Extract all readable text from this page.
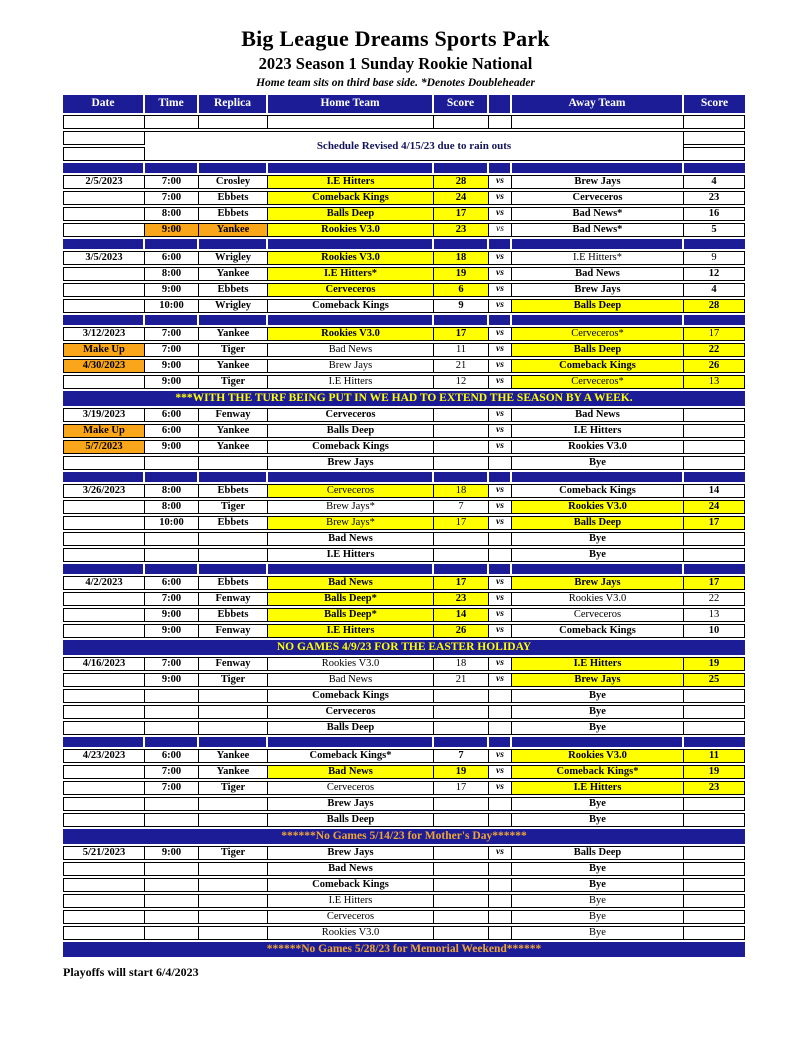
Big League Dreams Sports Park
2023 Season 1 Sunday Rookie National
Home team sits on third base side. *Denotes Doubleheader
Date	Time	Replica	Home Team	Score		Away Team	Score

	Schedule Revised 4/15/23 due to rain outs						

2/5/2023	7:00	Crosley	I.E Hitters	28	vs	Brew Jays	4
	7:00	Ebbets	Comeback Kings	24	vs	Cerveceros	23
	8:00	Ebbets	Balls Deep	17	vs	Bad News*	16
	9:00	Yankee	Rookies V3.0	23	vs	Bad News*	5

3/5/2023	6:00	Wrigley	Rookies V3.0	18	vs	I.E Hitters*	9
	8:00	Yankee	I.E Hitters*	19	vs	Bad News	12
	9:00	Ebbets	Cerveceros	6	vs	Brew Jays	4
	10:00	Wrigley	Comeback Kings	9	vs	Balls Deep	28

3/12/2023	7:00	Yankee	Rookies V3.0	17	vs	Cerveceros*	17
Make Up	7:00	Tiger	Bad News	11	vs	Balls Deep	22
4/30/2023	9:00	Yankee	Brew Jays	21	vs	Comeback Kings	26
	9:00	Tiger	I.E Hitters	12	vs	Cerveceros*	13
***WITH THE TURF BEING PUT IN WE HAD TO EXTEND THE SEASON BY A WEEK.							
3/19/2023	6:00	Fenway	Cerveceros		vs	Bad News	
Make Up	6:00	Yankee	Balls Deep		vs	I.E Hitters	
5/7/2023	9:00	Yankee	Comeback Kings		vs	Rookies V3.0	
			Brew Jays			Bye	

3/26/2023	8:00	Ebbets	Cerveceros	18	vs	Comeback Kings	14
	8:00	Tiger	Brew Jays*	7	vs	Rookies V3.0	24
	10:00	Ebbets	Brew Jays*	17	vs	Balls Deep	17
			Bad News			Bye	
			I.E Hitters			Bye	

4/2/2023	6:00	Ebbets	Bad News	17	vs	Brew Jays	17
	7:00	Fenway	Balls Deep*	23	vs	Rookies V3.0	22
	9:00	Ebbets	Balls Deep*	14	vs	Cerveceros	13
	9:00	Fenway	I.E Hitters	26	vs	Comeback Kings	10
NO GAMES 4/9/23 FOR THE EASTER HOLIDAY							
4/16/2023	7:00	Fenway	Rookies V3.0	18	vs	I.E Hitters	19
	9:00	Tiger	Bad News	21	vs	Brew Jays	25
			Comeback Kings			Bye	
			Cerveceros			Bye	
			Balls Deep			Bye	

4/23/2023	6:00	Yankee	Comeback Kings*	7	vs	Rookies V3.0	11
	7:00	Yankee	Bad News	19	vs	Comeback Kings*	19
	7:00	Tiger	Cerveceros	17	vs	I.E Hitters	23
			Brew Jays			Bye	
			Balls Deep			Bye	
******No Games 5/14/23 for Mother's Day******							
5/21/2023	9:00	Tiger	Brew Jays		vs	Balls Deep	
			Bad News			Bye	
			Comeback Kings			Bye	
			I.E Hitters			Bye	
			Cerveceros			Bye	
			Rookies V3.0			Bye	
******No Games 5/28/23 for Memorial Weekend******							
Playoffs will start 6/4/2023
